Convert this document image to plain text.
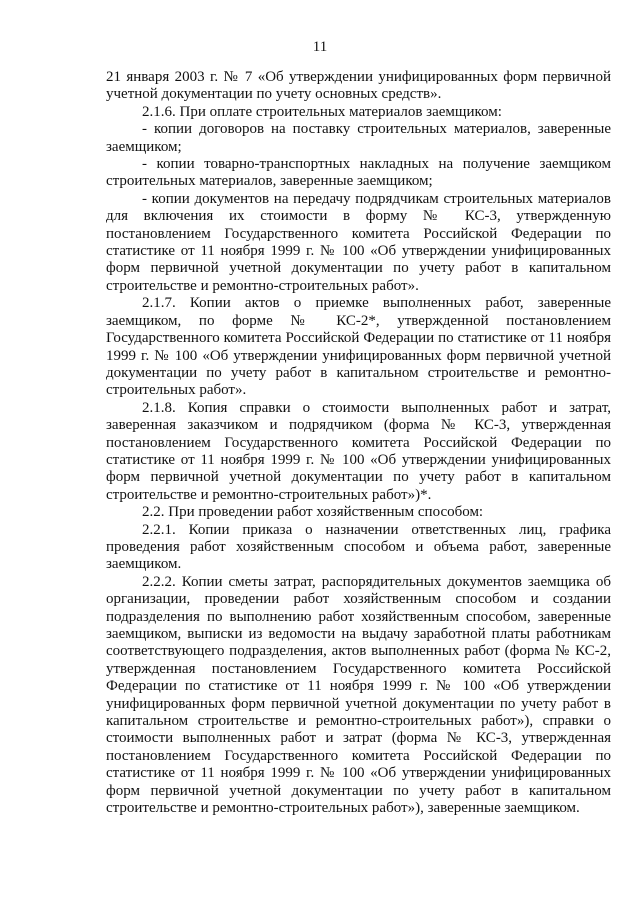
11

21 января 2003 г. № 7 «Об утверждении унифицированных форм первичной учетной документации по учету основных средств».

2.1.6. При оплате строительных материалов заемщиком:

- копии договоров на поставку строительных материалов, заверенные заемщиком;

- копии товарно-транспортных накладных на получение заемщиком строительных материалов, заверенные заемщиком;

- копии документов на передачу подрядчикам строительных материалов для включения их стоимости в форму № КС-3, утвержденную постановлением Государственного комитета Российской Федерации по статистике от 11 ноября 1999 г. № 100 «Об утверждении унифицированных форм первичной учетной документации по учету работ в капитальном строительстве и ремонтно-строительных работ».

2.1.7. Копии актов о приемке выполненных работ, заверенные заемщиком, по форме № КС-2*, утвержденной постановлением Государственного комитета Российской Федерации по статистике от 11 ноября 1999 г. № 100 «Об утверждении унифицированных форм первичной учетной документации по учету работ в капитальном строительстве и ремонтно-строительных работ».

2.1.8. Копия справки о стоимости выполненных работ и затрат, заверенная заказчиком и подрядчиком (форма № КС-3, утвержденная постановлением Государственного комитета Российской Федерации по статистике от 11 ноября 1999 г. № 100 «Об утверждении унифицированных форм первичной учетной документации по учету работ в капитальном строительстве и ремонтно-строительных работ»)*.

2.2. При проведении работ хозяйственным способом:

2.2.1. Копии приказа о назначении ответственных лиц, графика проведения работ хозяйственным способом и объема работ, заверенные заемщиком.

2.2.2. Копии сметы затрат, распорядительных документов заемщика об организации, проведении работ хозяйственным способом и создании подразделения по выполнению работ хозяйственным способом, заверенные заемщиком, выписки из ведомости на выдачу заработной платы работникам соответствующего подразделения, актов выполненных работ (форма № КС-2, утвержденная постановлением Государственного комитета Российской Федерации по статистике от 11 ноября 1999 г. № 100 «Об утверждении унифицированных форм первичной учетной документации по учету работ в капитальном строительстве и ремонтно-строительных работ»), справки о стоимости выполненных работ и затрат (форма № КС-3, утвержденная постановлением Государственного комитета Российской Федерации по статистике от 11 ноября 1999 г. № 100 «Об утверждении унифицированных форм первичной учетной документации по учету работ в капитальном строительстве и ремонтно-строительных работ»), заверенные заемщиком.
